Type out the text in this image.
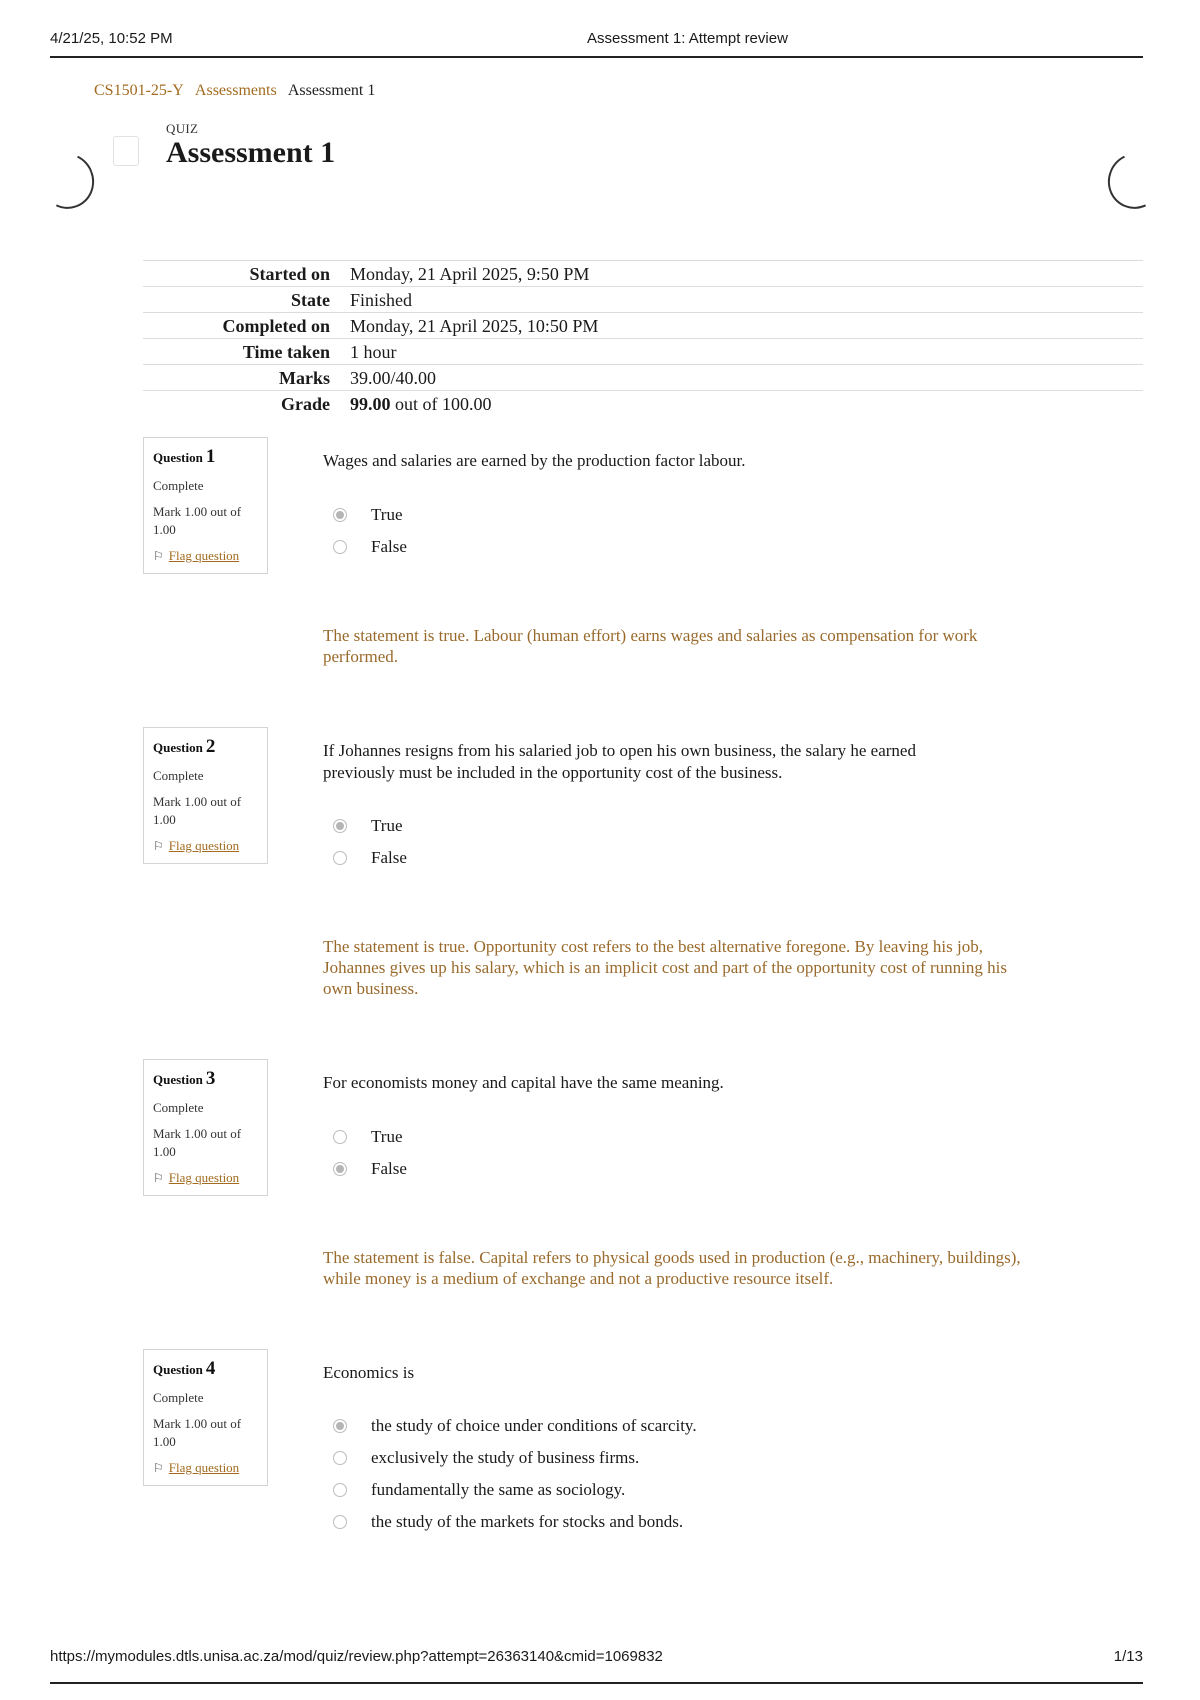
4/21/25, 10:52 PM	Assessment 1: Attempt review
CS1501-25-Y Assessments Assessment 1
QUIZ
Assessment 1
Started on	Monday, 21 April 2025, 9:50 PM
State	Finished
Completed on	Monday, 21 April 2025, 10:50 PM
Time taken	1 hour
Marks	39.00/40.00
Grade	99.00 out of 100.00
Question 1
Complete
Mark 1.00 out of 1.00
⚐ Flag question
Wages and salaries are earned by the production factor labour.
True
False
The statement is true. Labour (human effort) earns wages and salaries as compensation for work performed.
Question 2
Complete
Mark 1.00 out of 1.00
⚐ Flag question
If Johannes resigns from his salaried job to open his own business, the salary he earned previously must be included in the opportunity cost of the business.
True
False
The statement is true. Opportunity cost refers to the best alternative foregone. By leaving his job, Johannes gives up his salary, which is an implicit cost and part of the opportunity cost of running his own business.
Question 3
Complete
Mark 1.00 out of 1.00
⚐ Flag question
For economists money and capital have the same meaning.
True
False
The statement is false. Capital refers to physical goods used in production (e.g., machinery, buildings), while money is a medium of exchange and not a productive resource itself.
Question 4
Complete
Mark 1.00 out of 1.00
⚐ Flag question
Economics is
the study of choice under conditions of scarcity.
exclusively the study of business firms.
fundamentally the same as sociology.
the study of the markets for stocks and bonds.
https://mymodules.dtls.unisa.ac.za/mod/quiz/review.php?attempt=26363140&cmid=1069832	1/13
